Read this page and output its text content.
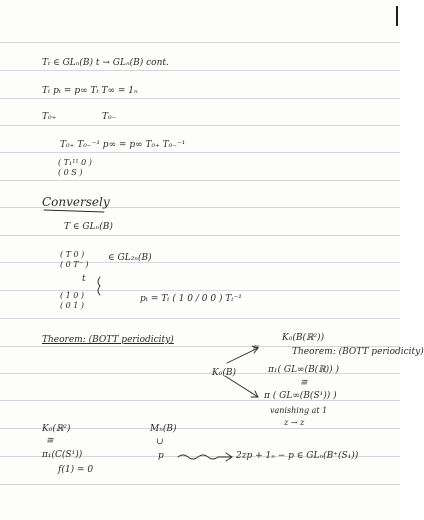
Tₜ ∈ GLₙ(B) t → GLₙ(B) cont.
Tₜ pₜ = p∞ Tₜ T∞ = 1ₙ
T₀₊	T₀₋
T₀₊ T₀₋⁻¹ p∞ = p∞ T₀₊ T₀₋⁻¹
( T₁¹¹ 0 )
( 0 S )
Conversely
T ∈ GLₙ(B)
( T 0 )
( 0 T⁻ )
∈ GL₂ₙ(B)
t
( 1 0 )
( 0 1 )
pₜ = Tₜ ( 1 0 / 0 0 ) Tₜ⁻¹
Theorem: (BOTT periodicity)	K₀(B(ℝ²))
≅	Theorem: (BOTT periodicity)
π₁( GL∞(B(ℝ)) )
K₀(B)
≅
π ( GL∞(B(S¹)) )
vanishing at 1
z → z
K₀(ℝ²)
≅
π₁(C(S¹))
f(1) = 0
Mₙ(B)
∪
p	2zp + 1ₙ − p ∈ GLₙ(B⁺(S₁))
